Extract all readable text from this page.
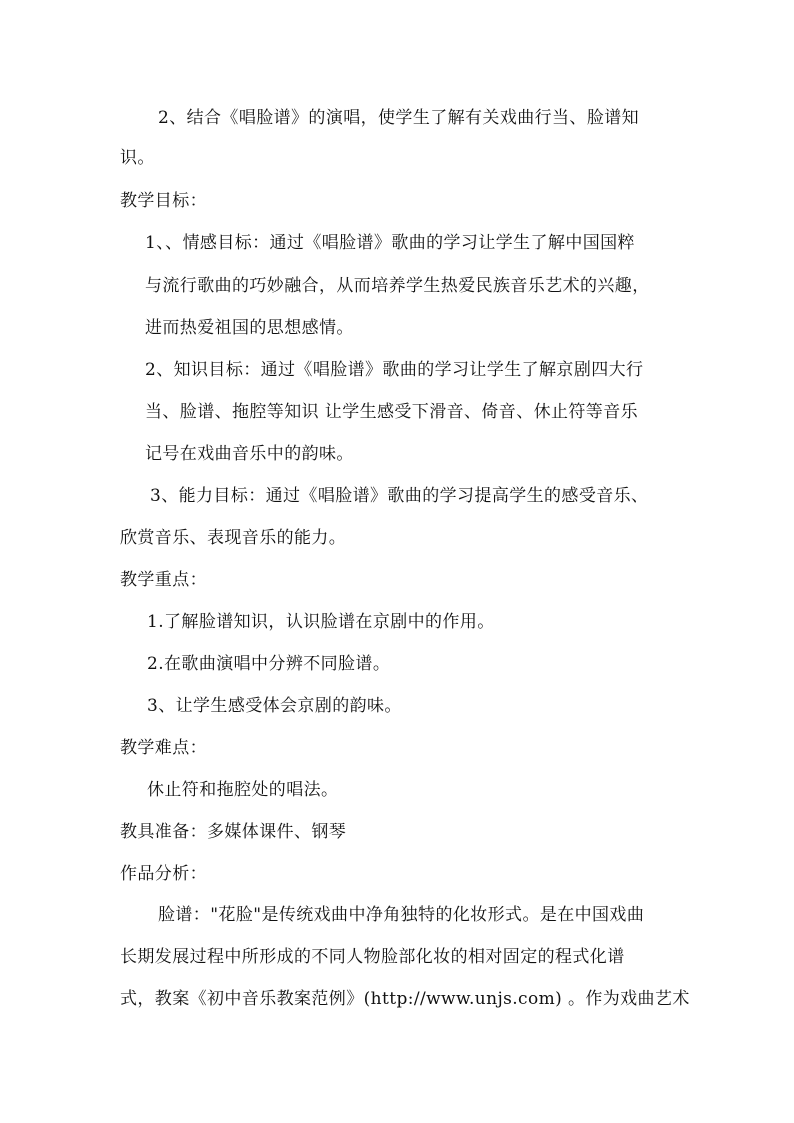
2、结合《唱脸谱》的演唱，使学生了解有关戏曲行当、脸谱知
识。
教学目标：
1、、情感目标：通过《唱脸谱》歌曲的学习让学生了解中国国粹
与流行歌曲的巧妙融合，从而培养学生热爱民族音乐艺术的兴趣，
进而热爱祖国的思想感情。
2、知识目标：通过《唱脸谱》歌曲的学习让学生了解京剧四大行
当、脸谱、拖腔等知识 让学生感受下滑音、倚音、休止符等音乐
记号在戏曲音乐中的韵味。
3、能力目标：通过《唱脸谱》歌曲的学习提高学生的感受音乐、
欣赏音乐、表现音乐的能力。
教学重点：
1.了解脸谱知识，认识脸谱在京剧中的作用。
2.在歌曲演唱中分辨不同脸谱。
3、让学生感受体会京剧的韵味。
教学难点：
休止符和拖腔处的唱法。
教具准备：多媒体课件、钢琴
作品分析：
脸谱："花脸"是传统戏曲中净角独特的化妆形式。是在中国戏曲
长期发展过程中所形成的不同人物脸部化妆的相对固定的程式化谱
式，教案《初中音乐教案范例》(http://www.unjs.com) 。作为戏曲艺术
